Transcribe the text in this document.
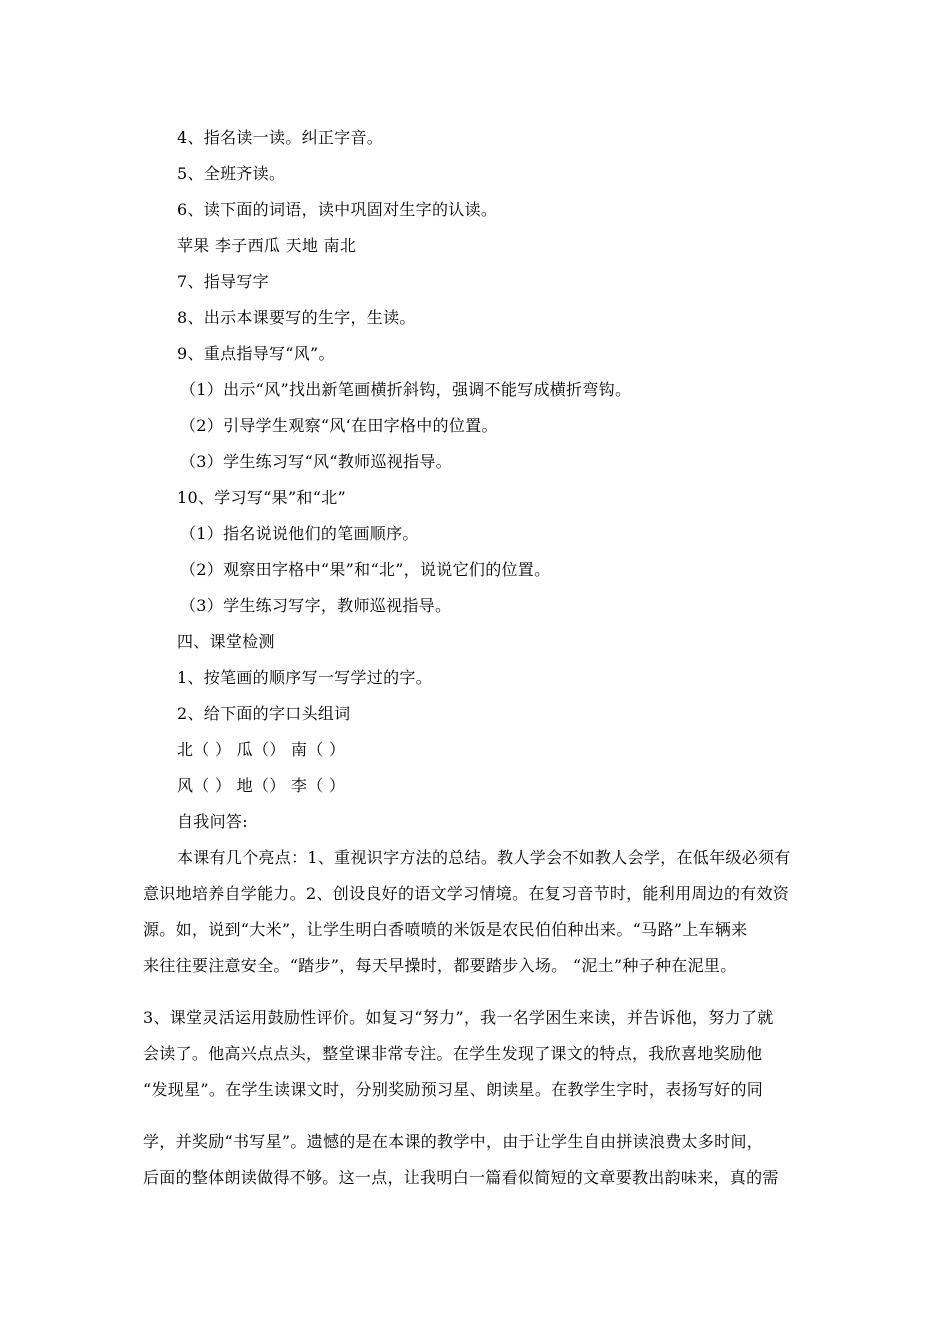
4、指名读一读。纠正字音。
5、全班齐读。
6、读下面的词语，读中巩固对生字的认读。
苹果 李子西瓜 天地 南北
7、指导写字
8、出示本课要写的生字，生读。
9、重点指导写“风”。
（1）出示“风”找出新笔画横折斜钩，强调不能写成横折弯钩。
（2）引导学生观察“风‘在田字格中的位置。
（3）学生练习写“风“教师巡视指导。
10、学习写“果”和“北”
（1）指名说说他们的笔画顺序。
（2）观察田字格中“果”和“北”，说说它们的位置。
（3）学生练习写字，教师巡视指导。
四、课堂检测
1、按笔画的顺序写一写学过的字。
2、给下面的字口头组词
北（ ） 瓜（） 南（ ）
风（ ） 地（） 李（ ）
自我问答:
本课有几个亮点：1、重视识字方法的总结。教人学会不如教人会学，在低年级必须有
意识地培养自学能力。2、创设良好的语文学习情境。在复习音节时，能利用周边的有效资
源。如，说到“大米”，让学生明白香喷喷的米饭是农民伯伯种出来。“马路”上车辆来
来往往要注意安全。“踏步”，每天早操时，都要踏步入场。 “泥土”种子种在泥里。
3、课堂灵活运用鼓励性评价。如复习“努力”，我一名学困生来读，并告诉他，努力了就
会读了。他高兴点点头，整堂课非常专注。在学生发现了课文的特点，我欣喜地奖励他
“发现星”。在学生读课文时，分别奖励预习星、朗读星。在教学生字时，表扬写好的同
学，并奖励“书写星”。遗憾的是在本课的教学中，由于让学生自由拼读浪费太多时间，
后面的整体朗读做得不够。这一点，让我明白一篇看似简短的文章要教出韵味来，真的需
